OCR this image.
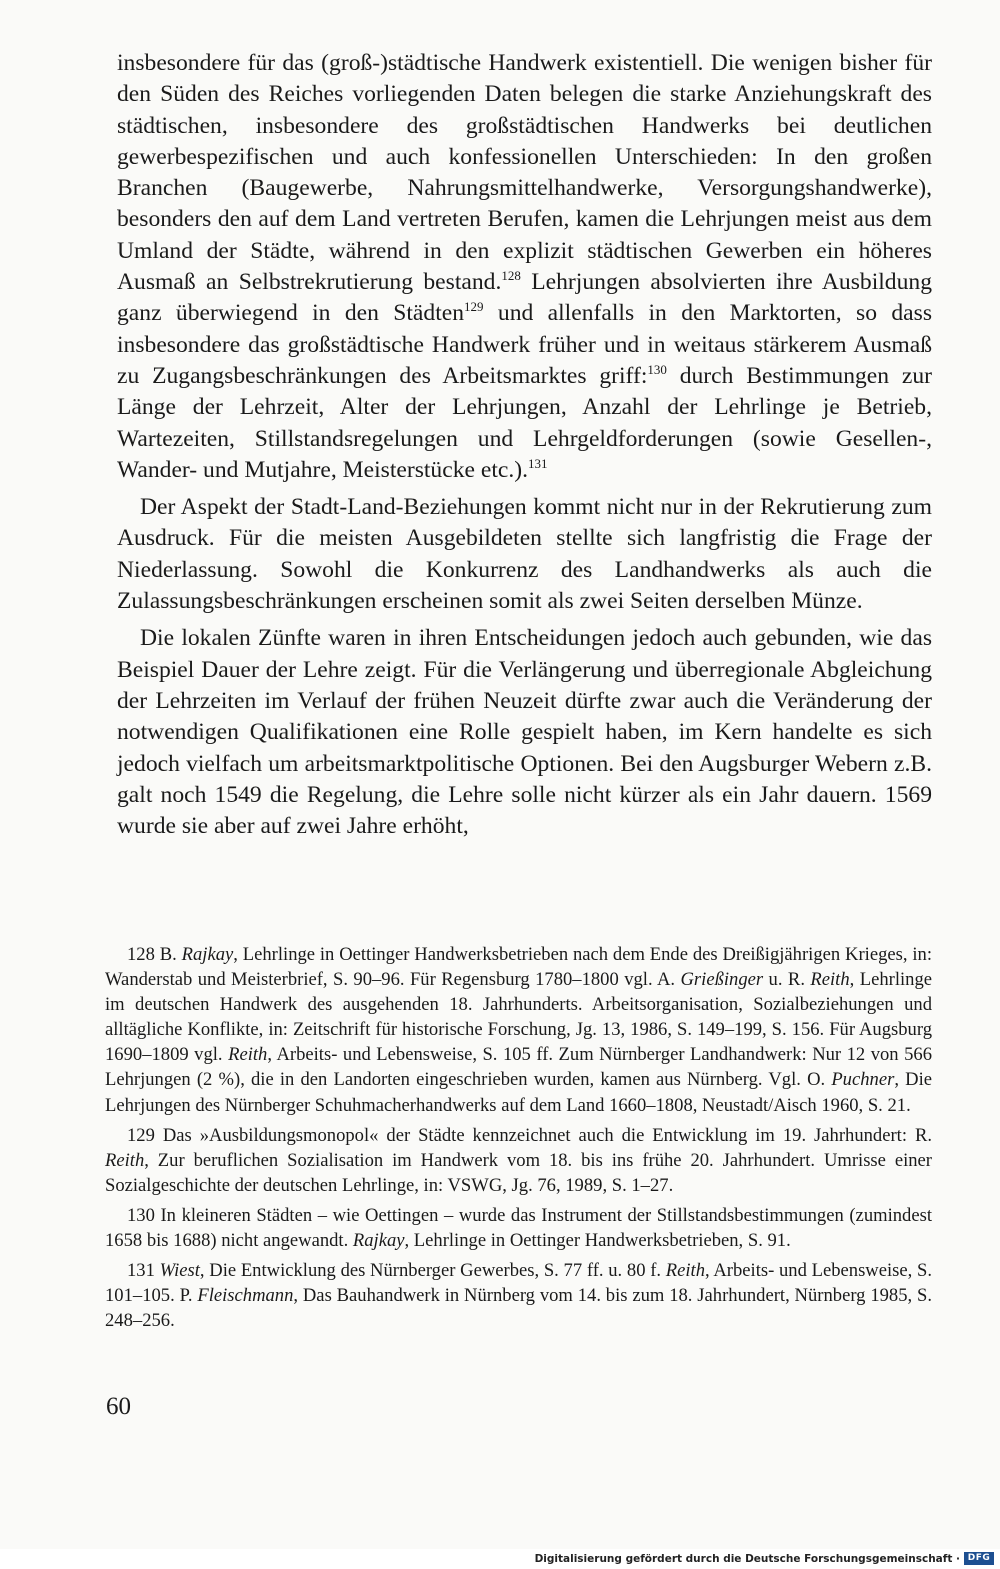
insbesondere für das (groß-)städtische Handwerk existentiell. Die wenigen bisher für den Süden des Reiches vorliegenden Daten belegen die starke Anziehungskraft des städtischen, insbesondere des großstädtischen Handwerks bei deutlichen gewerbespezifischen und auch konfessionellen Unterschieden: In den großen Branchen (Baugewerbe, Nahrungsmittelhandwerke, Versorgungshandwerke), besonders den auf dem Land vertreten Berufen, kamen die Lehrjungen meist aus dem Umland der Städte, während in den explizit städtischen Gewerben ein höheres Ausmaß an Selbstrekrutierung bestand.$^{128}$ Lehrjungen absolvierten ihre Ausbildung ganz überwiegend in den Städten$^{129}$ und allenfalls in den Marktorten, so dass insbesondere das großstädtische Handwerk früher und in weitaus stärkerem Ausmaß zu Zugangsbeschränkungen des Arbeitsmarktes griff:$^{130}$ durch Bestimmungen zur Länge der Lehrzeit, Alter der Lehrjungen, Anzahl der Lehrlinge je Betrieb, Wartezeiten, Stillstandsregelungen und Lehrgeldforderungen (sowie Gesellen-, Wander- und Mutjahre, Meisterstücke etc.).$^{131}$

Der Aspekt der Stadt-Land-Beziehungen kommt nicht nur in der Rekrutierung zum Ausdruck. Für die meisten Ausgebildeten stellte sich langfristig die Frage der Niederlassung. Sowohl die Konkurrenz des Landhandwerks als auch die Zulassungsbeschränkungen erscheinen somit als zwei Seiten derselben Münze.

Die lokalen Zünfte waren in ihren Entscheidungen jedoch auch gebunden, wie das Beispiel Dauer der Lehre zeigt. Für die Verlängerung und überregionale Abgleichung der Lehrzeiten im Verlauf der frühen Neuzeit dürfte zwar auch die Veränderung der notwendigen Qualifikationen eine Rolle gespielt haben, im Kern handelte es sich jedoch vielfach um arbeitsmarktpolitische Optionen. Bei den Augsburger Webern z.B. galt noch 1549 die Regelung, die Lehre solle nicht kürzer als ein Jahr dauern. 1569 wurde sie aber auf zwei Jahre erhöht,

128 B. Rajkay, Lehrlinge in Oettinger Handwerksbetrieben nach dem Ende des Dreißigjährigen Krieges, in: Wanderstab und Meisterbrief, S. 90–96. Für Regensburg 1780–1800 vgl. A. Grießinger u. R. Reith, Lehrlinge im deutschen Handwerk des ausgehenden 18. Jahrhunderts. Arbeitsorganisation, Sozialbeziehungen und alltägliche Konflikte, in: Zeitschrift für historische Forschung, Jg. 13, 1986, S. 149–199, S. 156. Für Augsburg 1690–1809 vgl. Reith, Arbeits- und Lebensweise, S. 105 ff. Zum Nürnberger Landhandwerk: Nur 12 von 566 Lehrjungen (2 %), die in den Landorten eingeschrieben wurden, kamen aus Nürnberg. Vgl. O. Puchner, Die Lehrjungen des Nürnberger Schuhmacherhandwerks auf dem Land 1660–1808, Neustadt/Aisch 1960, S. 21.

129 Das »Ausbildungsmonopol« der Städte kennzeichnet auch die Entwicklung im 19. Jahrhundert: R. Reith, Zur beruflichen Sozialisation im Handwerk vom 18. bis ins frühe 20. Jahrhundert. Umrisse einer Sozialgeschichte der deutschen Lehrlinge, in: VSWG, Jg. 76, 1989, S. 1–27.

130 In kleineren Städten – wie Oettingen – wurde das Instrument der Stillstandsbestimmungen (zumindest 1658 bis 1688) nicht angewandt. Rajkay, Lehrlinge in Oettinger Handwerksbetrieben, S. 91.

131 Wiest, Die Entwicklung des Nürnberger Gewerbes, S. 77 ff. u. 80 f. Reith, Arbeits- und Lebensweise, S. 101–105. P. Fleischmann, Das Bauhandwerk in Nürnberg vom 14. bis zum 18. Jahrhundert, Nürnberg 1985, S. 248–256.

60
Digitalisierung gefördert durch die Deutsche Forschungsgemeinschaft · DFG
